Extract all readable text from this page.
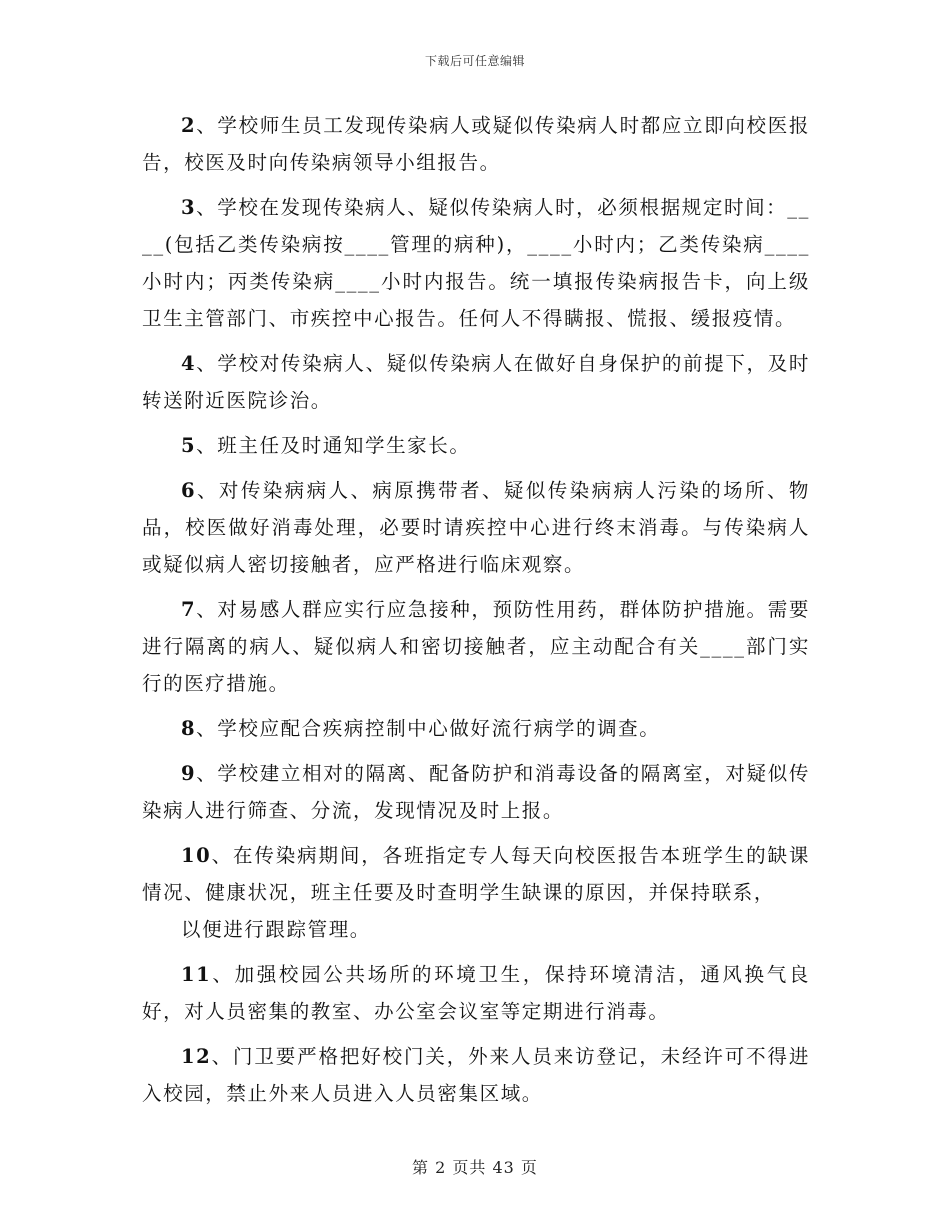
下载后可任意编辑

2、学校师生员工发现传染病人或疑似传染病人时都应立即向校医报告，校医及时向传染病领导小组报告。

3、学校在发现传染病人、疑似传染病人时，必须根据规定时间：____(包括乙类传染病按____管理的病种)，____小时内；乙类传染病____小时内；丙类传染病____小时内报告。统一填报传染病报告卡，向上级卫生主管部门、市疾控中心报告。任何人不得瞒报、慌报、缓报疫情。

4、学校对传染病人、疑似传染病人在做好自身保护的前提下，及时转送附近医院诊治。

5、班主任及时通知学生家长。

6、对传染病病人、病原携带者、疑似传染病病人污染的场所、物品，校医做好消毒处理，必要时请疾控中心进行终末消毒。与传染病人或疑似病人密切接触者，应严格进行临床观察。

7、对易感人群应实行应急接种，预防性用药，群体防护措施。需要进行隔离的病人、疑似病人和密切接触者，应主动配合有关____部门实行的医疗措施。

8、学校应配合疾病控制中心做好流行病学的调查。

9、学校建立相对的隔离、配备防护和消毒设备的隔离室，对疑似传染病人进行筛查、分流，发现情况及时上报。

10、在传染病期间，各班指定专人每天向校医报告本班学生的缺课情况、健康状况，班主任要及时查明学生缺课的原因，并保持联系，
以便进行跟踪管理。

11、加强校园公共场所的环境卫生，保持环境清洁，通风换气良好，对人员密集的教室、办公室会议室等定期进行消毒。

12、门卫要严格把好校门关，外来人员来访登记，未经许可不得进入校园，禁止外来人员进入人员密集区域。

第 2 页共 43 页
